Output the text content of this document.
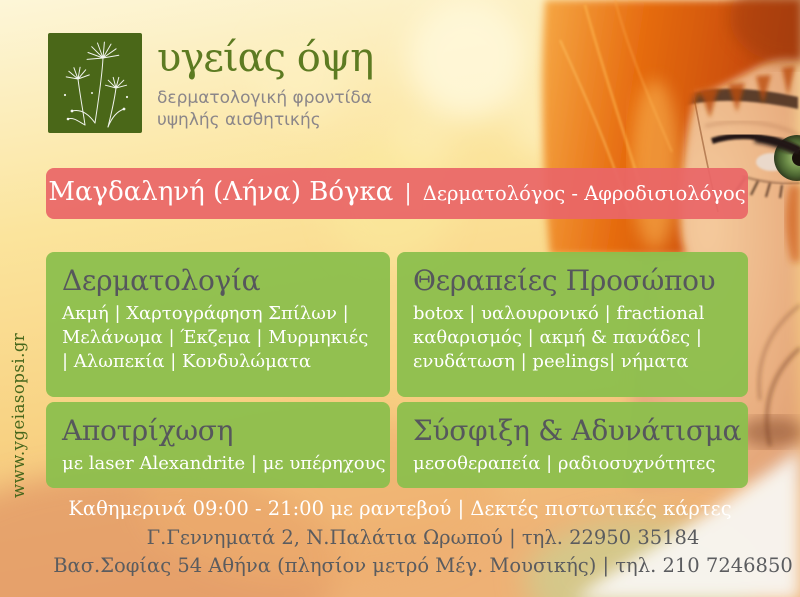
υγείας όψη
δερματολογική φροντίδα
υψηλής αισθητικής
Μαγδαληνή (Λήνα) Βόγκα | Δερματολόγος - Αφροδισιολόγος
Δερματολογία

Ακμή | Χαρτογράφηση Σπίλων | Μελάνωμα | Έκζεμα | Μυρμηκιές | Αλωπεκία | Κονδυλώματα

Θεραπείες Προσώπου

botox | υαλουρονικό | fractional καθαρισμός | ακμή & πανάδες | ενυδάτωση | peelings| νήματα

Αποτρίχωση

με laser Alexandrite | με υπέρηχους

Σύσφιξη & Αδυνάτισμα

μεσοθεραπεία | ραδιοσυχνότητες

www.ygeiasopsi.gr
Καθημερινά 09:00 - 21:00 με ραντεβού | Δεκτές πιστωτικές κάρτες
Γ.Γεννηματά 2, Ν.Παλάτια Ωρωπού | τηλ. 22950 35184
Βασ.Σοφίας 54 Αθήνα (πλησίον μετρό Μέγ. Μουσικής) | τηλ. 210 7246850
